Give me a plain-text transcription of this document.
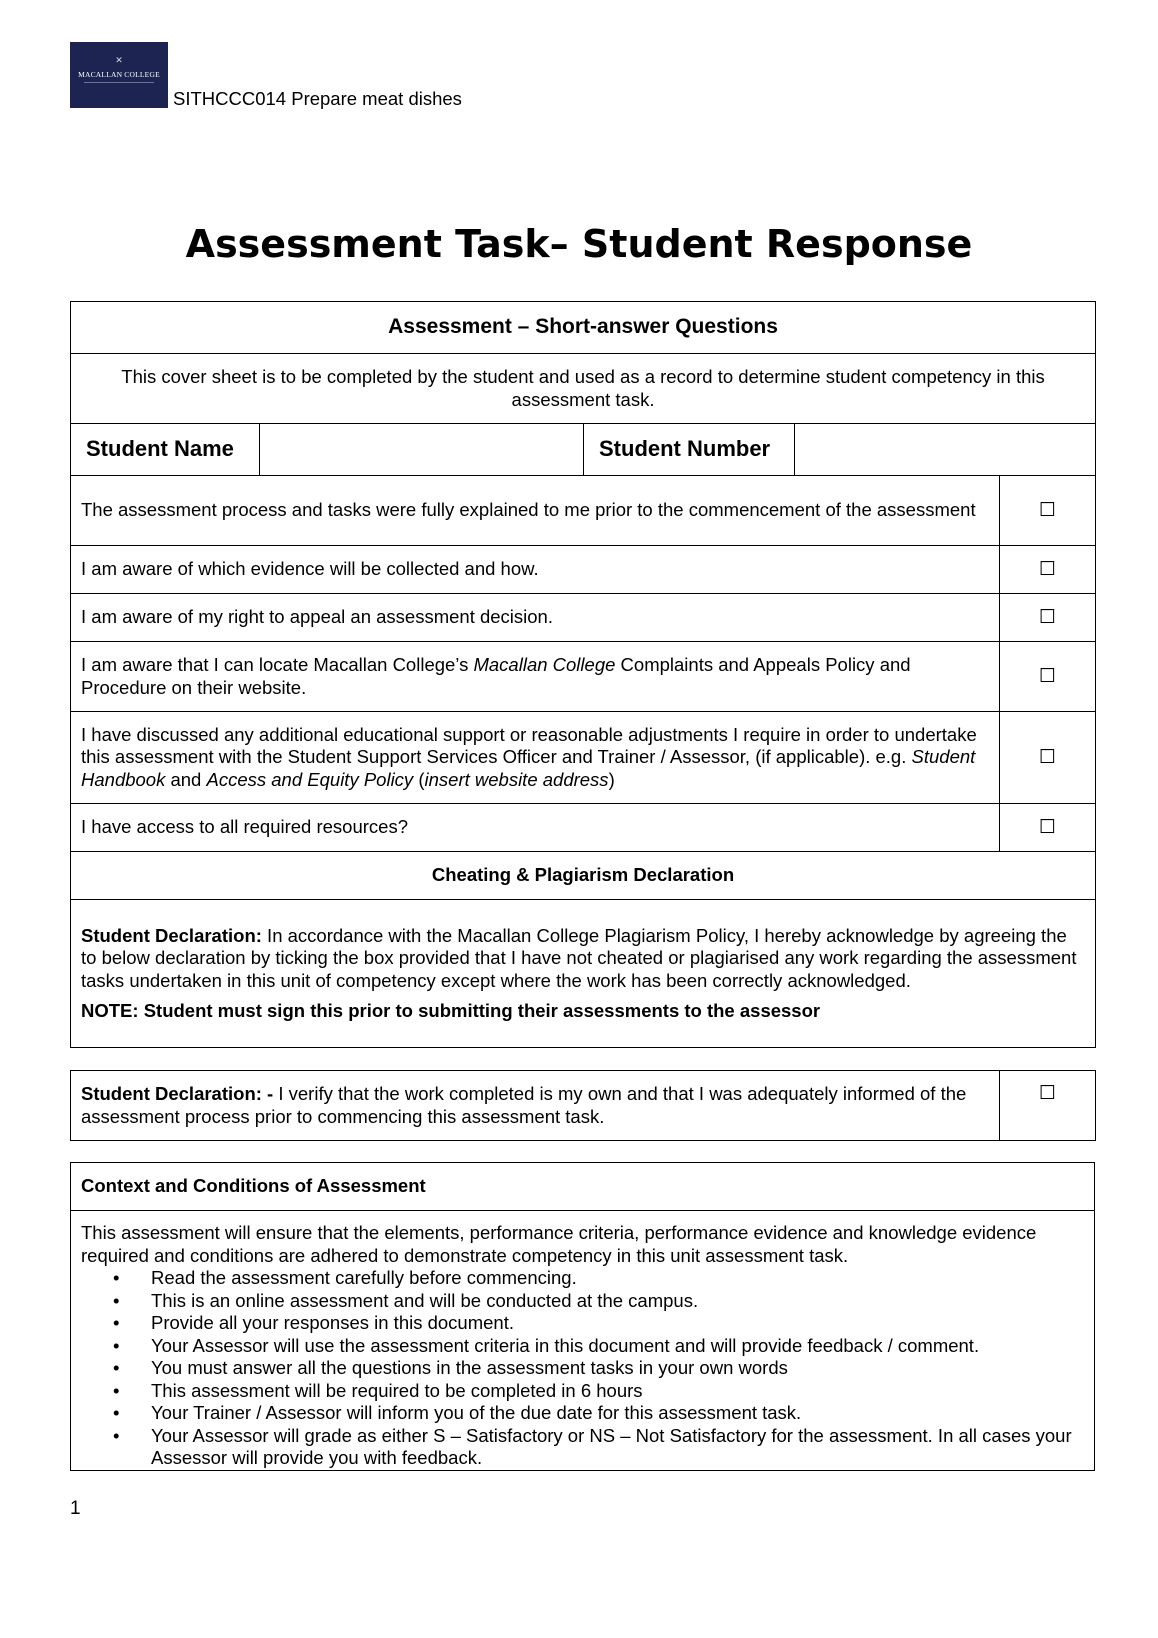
✕
MACALLAN COLLEGE
SITHCCC014 Prepare meat dishes
Assessment Task– Student Response
Assessment – Short-answer Questions				
This cover sheet is to be completed by the student and used as a record to determine student competency in this assessment task.				
Student Name		Student Number		
The assessment process and tasks were fully explained to me prior to the commencement of the assessment				☐
I am aware of which evidence will be collected and how.				☐
I am aware of my right to appeal an assessment decision.				☐
I am aware that I can locate Macallan College’s Macallan College Complaints and Appeals Policy and Procedure on their website.				☐
I have discussed any additional educational support or reasonable adjustments I require in order to undertake this assessment with the Student Support Services Officer and Trainer / Assessor, (if applicable). e.g. Student Handbook and Access and Equity Policy (insert website address)				☐
I have access to all required resources?				☐
Cheating & Plagiarism Declaration				

Student Declaration: In accordance with the Macallan College Plagiarism Policy, I hereby acknowledge by agreeing the to below declaration by ticking the box provided that I have not cheated or plagiarised any work regarding the assessment tasks undertaken in this unit of competency except where the work has been correctly acknowledged.

NOTE: Student must sign this prior to submitting their assessments to the assessor				

Student Declaration: - I verify that the work completed is my own and that I was adequately informed of the assessment process prior to commencing this assessment task.	☐
Context and Conditions of Assessment

This assessment will ensure that the elements, performance criteria, performance evidence and knowledge evidence required and conditions are adhered to demonstrate competency in this unit assessment task.
• Read the assessment carefully before commencing.
• This is an online assessment and will be conducted at the campus.
• Provide all your responses in this document.
• Your Assessor will use the assessment criteria in this document and will provide feedback / comment.
• You must answer all the questions in the assessment tasks in your own words
• This assessment will be required to be completed in 6 hours
• Your Trainer / Assessor will inform you of the due date for this assessment task.
• Your Assessor will grade as either S – Satisfactory or NS – Not Satisfactory for the assessment. In all cases your Assessor will provide you with feedback.
1
